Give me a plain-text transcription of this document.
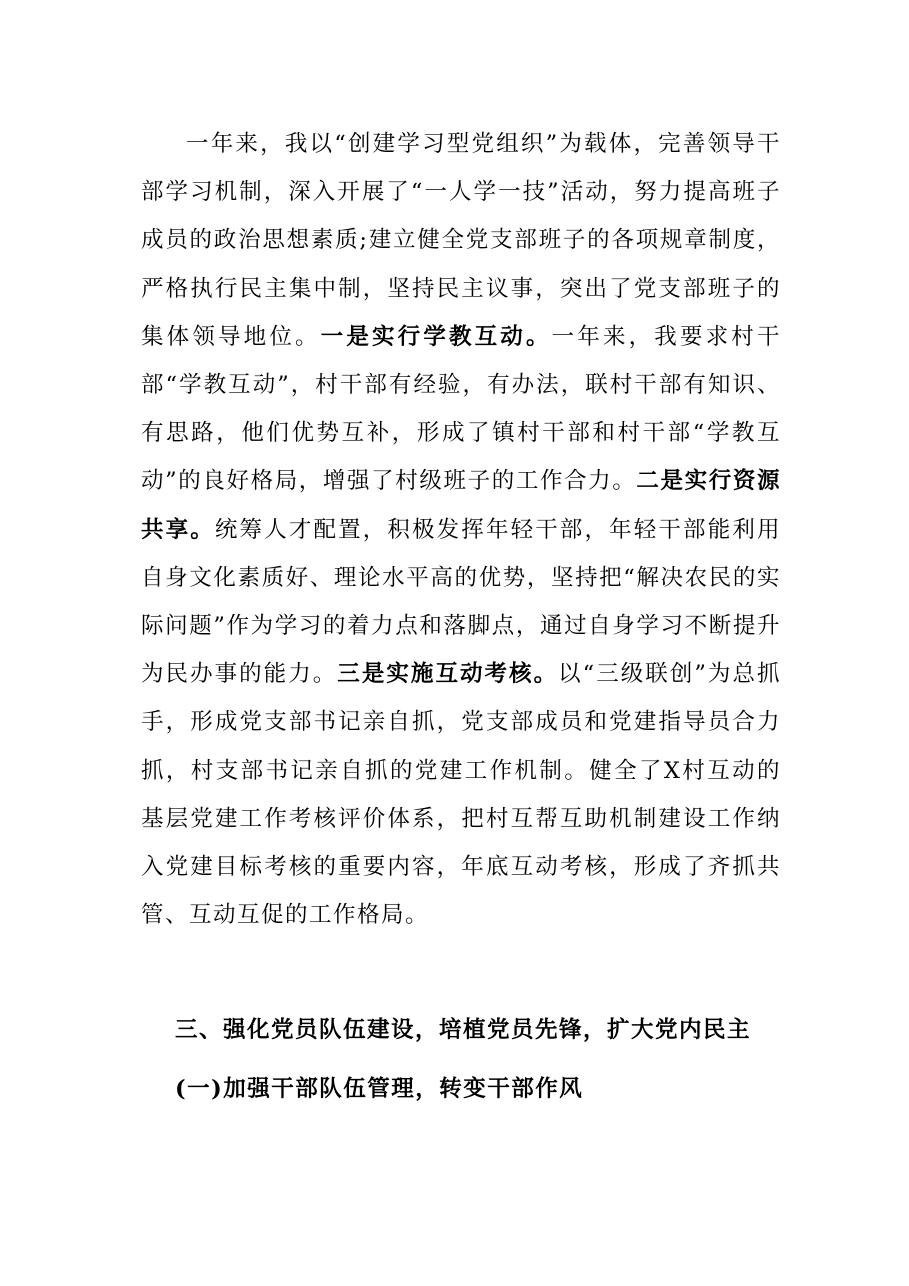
一年来，我以“创建学习型党组织”为载体，完善领导干部学习机制，深入开展了“一人学一技”活动，努力提高班子成员的政治思想素质;建立健全党支部班子的各项规章制度，严格执行民主集中制，坚持民主议事，突出了党支部班子的集体领导地位。一是实行学教互动。一年来，我要求村干部“学教互动”，村干部有经验，有办法，联村干部有知识、有思路，他们优势互补，形成了镇村干部和村干部“学教互动”的良好格局，增强了村级班子的工作合力。二是实行资源共享。统筹人才配置，积极发挥年轻干部，年轻干部能利用自身文化素质好、理论水平高的优势，坚持把“解决农民的实际问题”作为学习的着力点和落脚点，通过自身学习不断提升为民办事的能力。三是实施互动考核。以“三级联创”为总抓手，形成党支部书记亲自抓，党支部成员和党建指导员合力抓，村支部书记亲自抓的党建工作机制。健全了X村互动的基层党建工作考核评价体系，把村互帮互助机制建设工作纳入党建目标考核的重要内容，年底互动考核，形成了齐抓共管、互动互促的工作格局。

三、强化党员队伍建设，培植党员先锋，扩大党内民主
(一)加强干部队伍管理，转变干部作风
